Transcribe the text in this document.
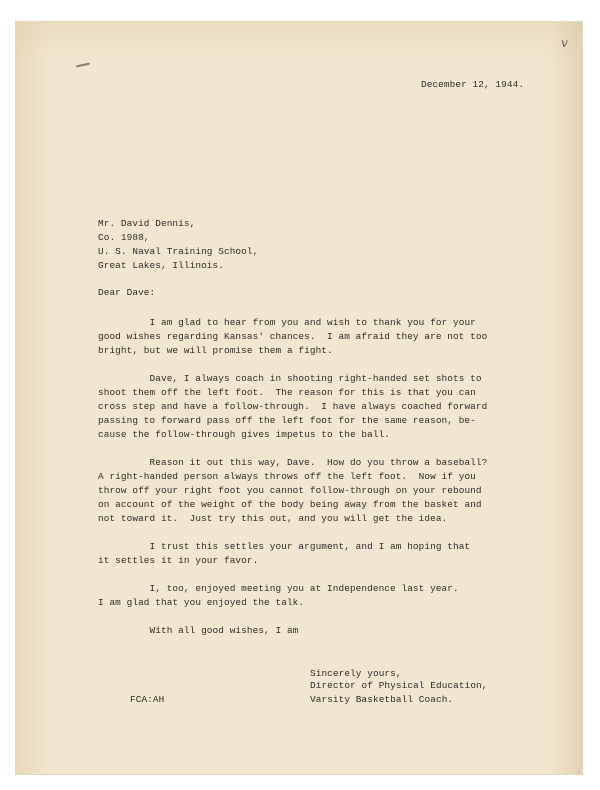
v
December 12, 1944.
Mr. David Dennis,
Co. 1988,
U. S. Naval Training School,
Great Lakes, Illinois.
Dear Dave:
I am glad to hear from you and wish to thank you for your
good wishes regarding Kansas' chances.  I am afraid they are not too
bright, but we will promise them a fight.
Dave, I always coach in shooting right-handed set shots to
shoot them off the left foot.  The reason for this is that you can
cross step and have a follow-through.  I have always coached forward
passing to forward pass off the left foot for the same reason, be-
cause the follow-through gives impetus to the ball.
Reason it out this way, Dave.  How do you throw a baseball?
A right-handed person always throws off the left foot.  Now if you
throw off your right foot you cannot follow-through on your rebound
on account of the weight of the body being away from the basket and
not toward it.  Just try this out, and you will get the idea.
I trust this settles your argument, and I am hoping that
it settles it in your favor.
I, too, enjoyed meeting you at Independence last year.
I am glad that you enjoyed the talk.
With all good wishes, I am
Sincerely yours,
Director of Physical Education,
Varsity Basketball Coach.
FCA:AH
